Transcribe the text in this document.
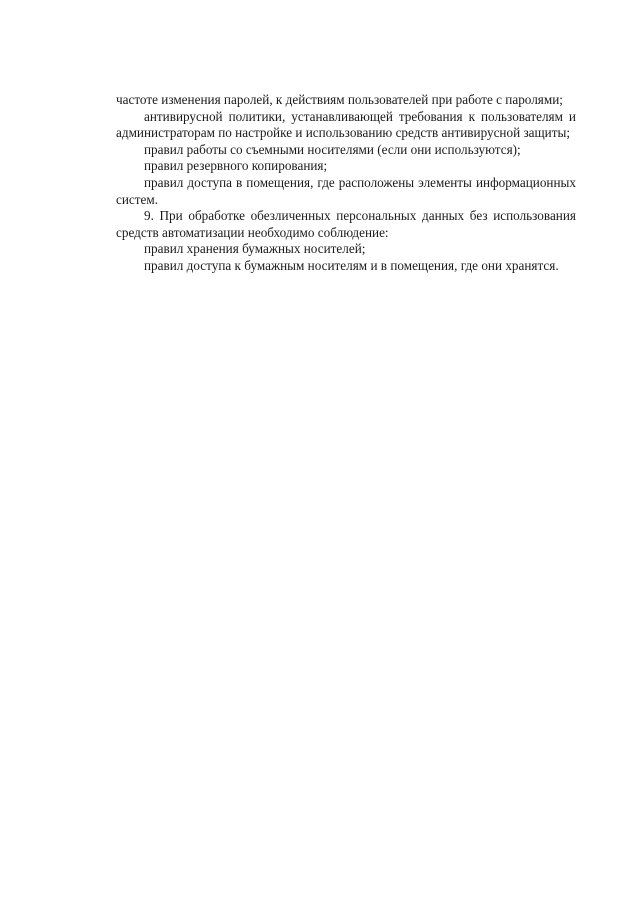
частоте изменения паролей, к действиям пользователей при работе с паролями;

антивирусной политики, устанавливающей требования к пользователям и администраторам по настройке и использованию средств антивирусной защиты;

правил работы со съемными носителями (если они используются);

правил резервного копирования;

правил доступа в помещения, где расположены элементы информационных систем.

9. При обработке обезличенных персональных данных без использования средств автоматизации необходимо соблюдение:

правил хранения бумажных носителей;

правил доступа к бумажным носителям и в помещения, где они хранятся.
